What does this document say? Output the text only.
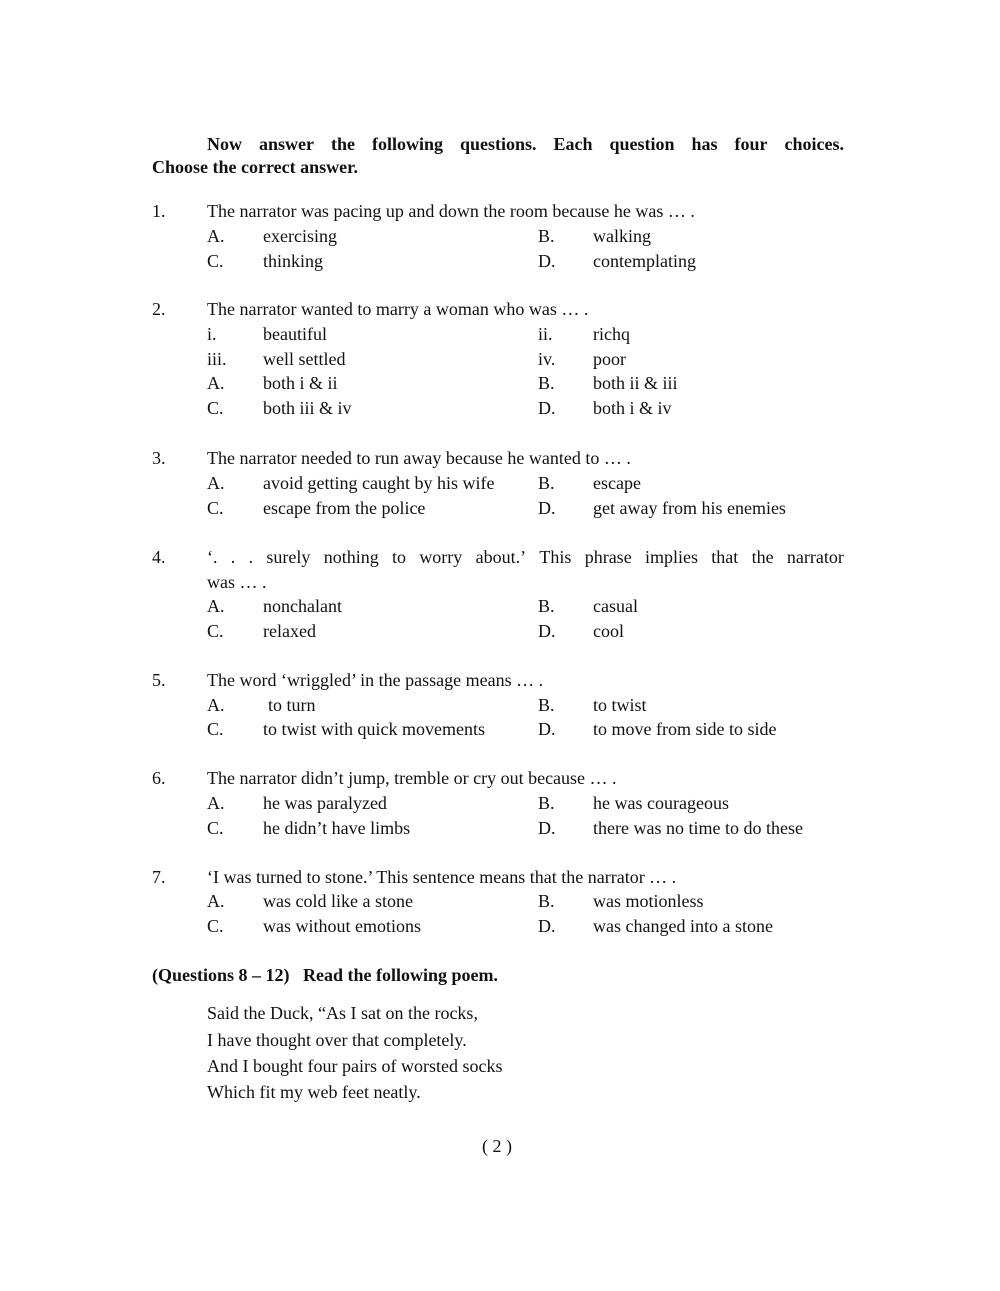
Now answer the following questions. Each question has four choices.
Choose the correct answer.
1. The narrator was pacing up and down the room because he was … .
A. exercising	B. walking
C. thinking	D. contemplating
2. The narrator wanted to marry a woman who was … .
i.	beautiful	ii. richq
iii. well settled	iv. poor
A. both i & ii	B. both ii & iii
C. both iii & iv	D. both i & iv
3. The narrator needed to run away because he wanted to … .
A. avoid getting caught by his wife B. escape
C. escape from the police	D. get away from his enemies
4. ‘. . . surely nothing to worry about.’ This phrase implies that the narrator
was … .
A. nonchalant	B. casual
C. relaxed	D. cool
5. The word ‘wriggled’ in the passage means … .
A. to turn	B. to twist
C. to twist with quick movements	D. to move from side to side
6. The narrator didn’t jump, tremble or cry out because … .
A. he was paralyzed	B. he was courageous
C. he didn’t have limbs	D. there was no time to do these
7. ‘I was turned to stone.’ This sentence means that the narrator … .
A. was cold like a stone	B. was motionless
C. was without emotions	D. was changed into a stone
(Questions 8 – 12)   Read the following poem.
Said the Duck, “As I sat on the rocks,
I have thought over that completely.
And I bought four pairs of worsted socks
Which fit my web feet neatly.
( 2 )
